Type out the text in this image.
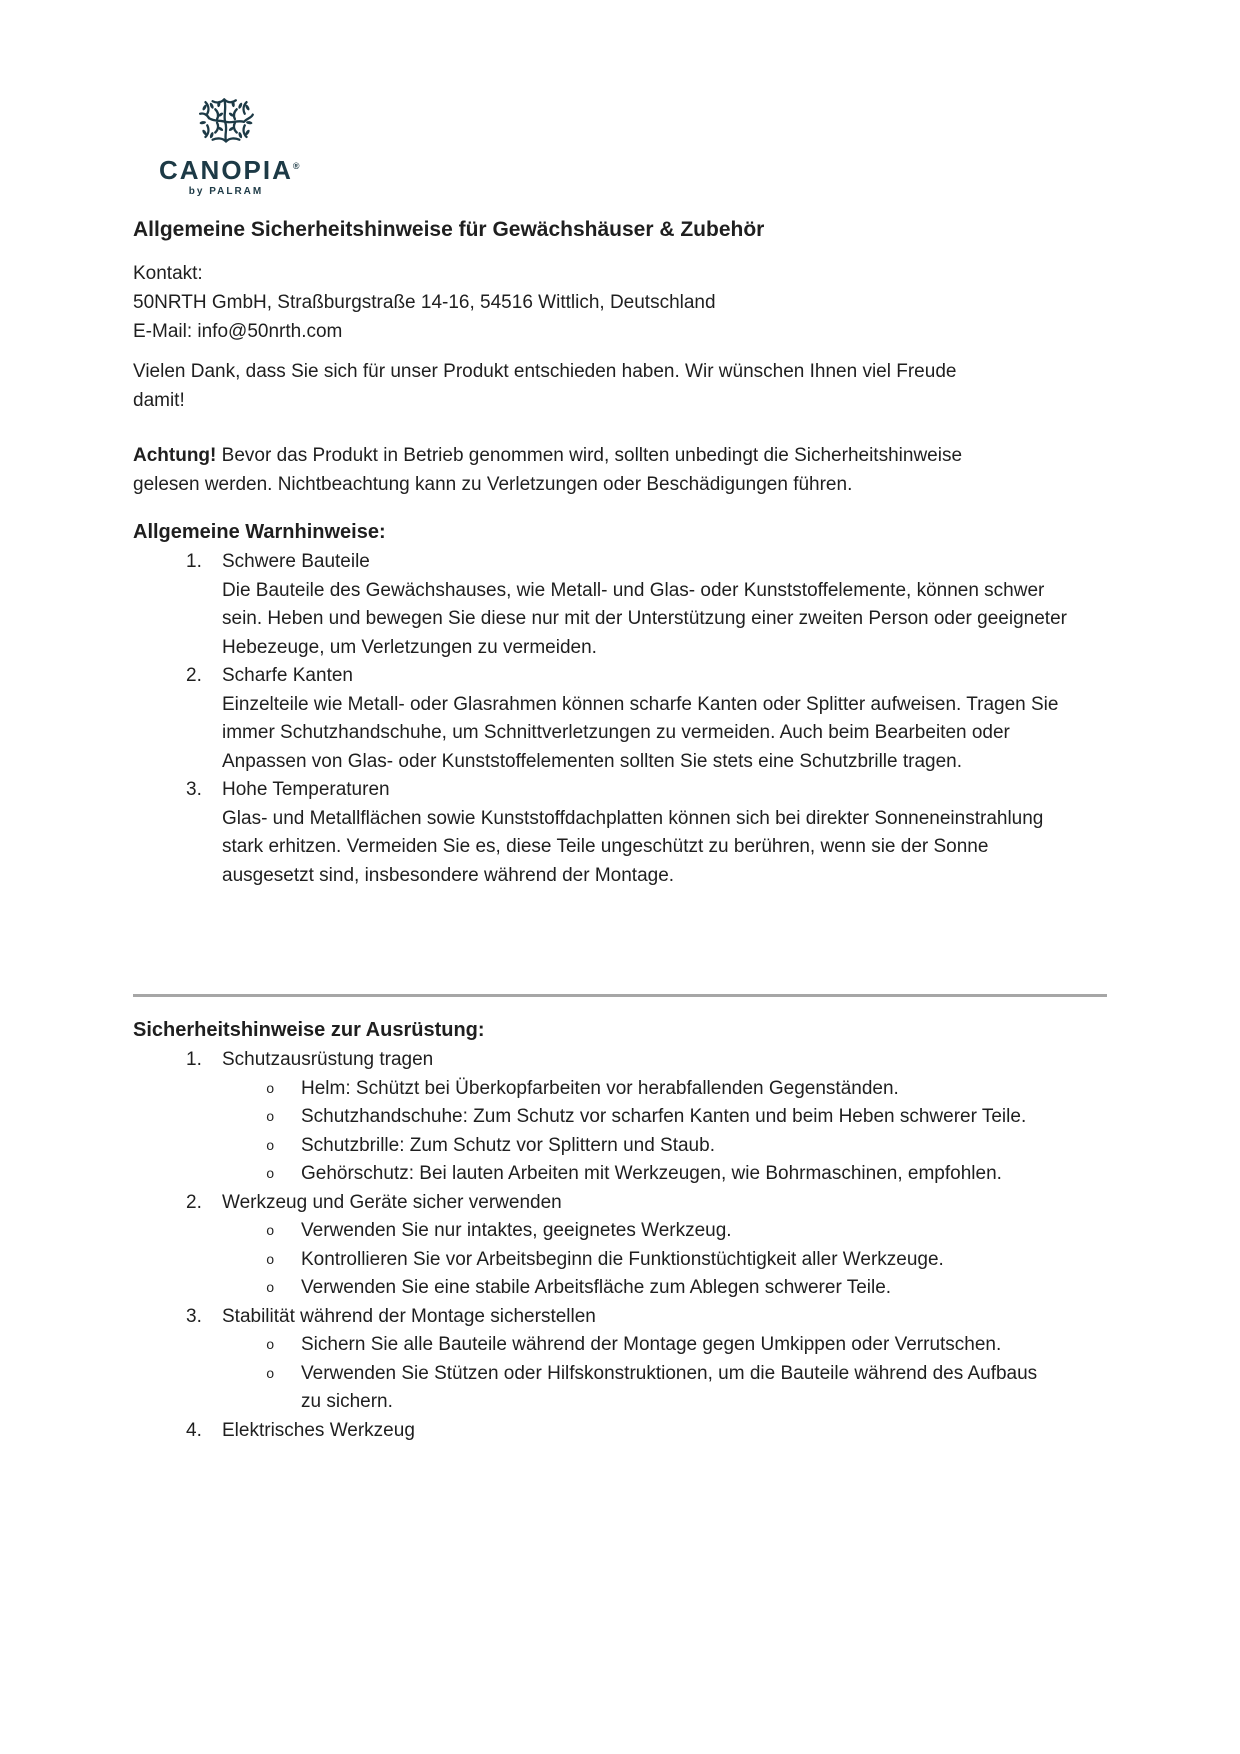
CANOPIA®
by PALRAM
Allgemeine Sicherheitshinweise für Gewächshäuser & Zubehör
Kontakt:
50NRTH GmbH, Straßburgstraße 14-16, 54516 Wittlich, Deutschland
E-Mail: info@50nrth.com

Vielen Dank, dass Sie sich für unser Produkt entschieden haben. Wir wünschen Ihnen viel Freude damit!

Achtung! Bevor das Produkt in Betrieb genommen wird, sollten unbedingt die Sicherheitshinweise gelesen werden. Nichtbeachtung kann zu Verletzungen oder Beschädigungen führen.

Allgemeine Warnhinweise:
1. Schwere Bauteile
Die Bauteile des Gewächshauses, wie Metall- und Glas- oder Kunststoffelemente, können schwer sein. Heben und bewegen Sie diese nur mit der Unterstützung einer zweiten Person oder geeigneter Hebezeuge, um Verletzungen zu vermeiden.
2. Scharfe Kanten
Einzelteile wie Metall- oder Glasrahmen können scharfe Kanten oder Splitter aufweisen. Tragen Sie immer Schutzhandschuhe, um Schnittverletzungen zu vermeiden. Auch beim Bearbeiten oder Anpassen von Glas- oder Kunststoffelementen sollten Sie stets eine Schutzbrille tragen.
3. Hohe Temperaturen
Glas- und Metallflächen sowie Kunststoffdachplatten können sich bei direkter Sonneneinstrahlung stark erhitzen. Vermeiden Sie es, diese Teile ungeschützt zu berühren, wenn sie der Sonne ausgesetzt sind, insbesondere während der Montage.
Sicherheitshinweise zur Ausrüstung:
1. Schutzausrüstung tragen
o Helm: Schützt bei Überkopfarbeiten vor herabfallenden Gegenständen.
o Schutzhandschuhe: Zum Schutz vor scharfen Kanten und beim Heben schwerer Teile.
o Schutzbrille: Zum Schutz vor Splittern und Staub.
o Gehörschutz: Bei lauten Arbeiten mit Werkzeugen, wie Bohrmaschinen, empfohlen.
2. Werkzeug und Geräte sicher verwenden
o Verwenden Sie nur intaktes, geeignetes Werkzeug.
o Kontrollieren Sie vor Arbeitsbeginn die Funktionstüchtigkeit aller Werkzeuge.
o Verwenden Sie eine stabile Arbeitsfläche zum Ablegen schwerer Teile.
3. Stabilität während der Montage sicherstellen
o Sichern Sie alle Bauteile während der Montage gegen Umkippen oder Verrutschen.
o Verwenden Sie Stützen oder Hilfskonstruktionen, um die Bauteile während des Aufbaus zu sichern.
4. Elektrisches Werkzeug
